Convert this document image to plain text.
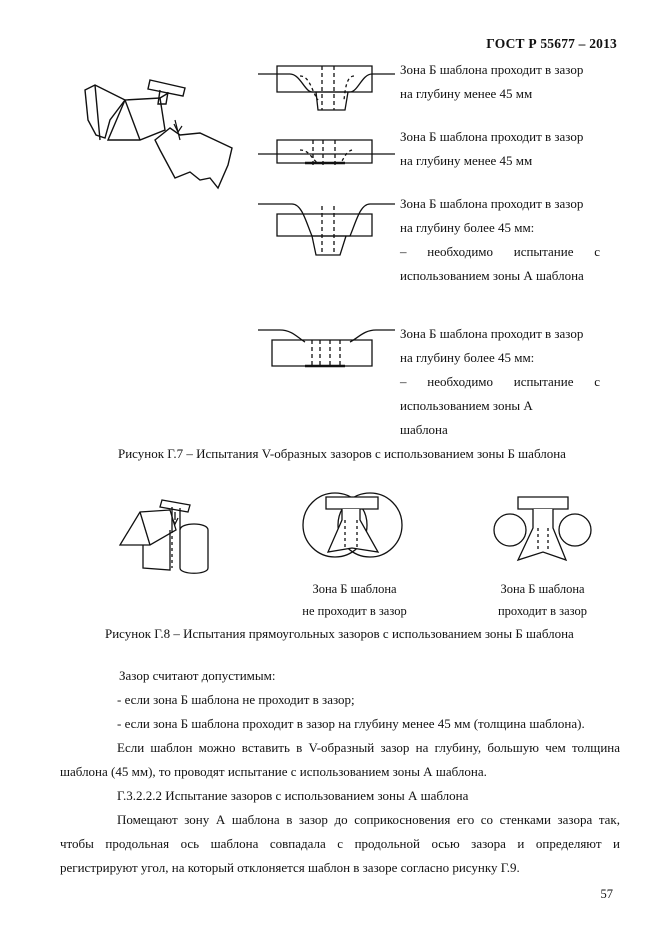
ГОСТ Р 55677 – 2013
Зона Б шаблона проходит в зазор
на глубину менее 45 мм
Зона Б шаблона проходит в зазор
на глубину менее 45 мм
Зона Б шаблона проходит в зазор
на глубину более 45 мм:
– необходимо испытание с
использованием зоны А шаблона
Зона Б шаблона проходит в зазор
на глубину более 45 мм:
– необходимо испытание с
использованием зоны А
шаблона
Рисунок Г.7 – Испытания V-образных зазоров с использованием зоны Б шаблона
Зона Б шаблона
не проходит в зазор
Зона Б шаблона
проходит в зазор
Рисунок Г.8 – Испытания прямоугольных зазоров с использованием зоны Б шаблона
Зазор считают допустимым:
- если зона Б шаблона не проходит в зазор;
- если зона Б шаблона проходит в зазор на глубину менее 45 мм (толщина шаблона).
Если шаблон можно вставить в V-образный зазор на глубину, большую чем толщина
шаблона (45 мм), то проводят испытание с использованием зоны А шаблона.
Г.3.2.2.2 Испытание зазоров с использованием зоны А шаблона
Помещают зону А шаблона в зазор до соприкосновения его со стенками зазора так,
чтобы продольная ось шаблона совпадала с продольной осью зазора и определяют и
регистрируют угол, на который отклоняется шаблон в зазоре согласно рисунку Г.9.
57
